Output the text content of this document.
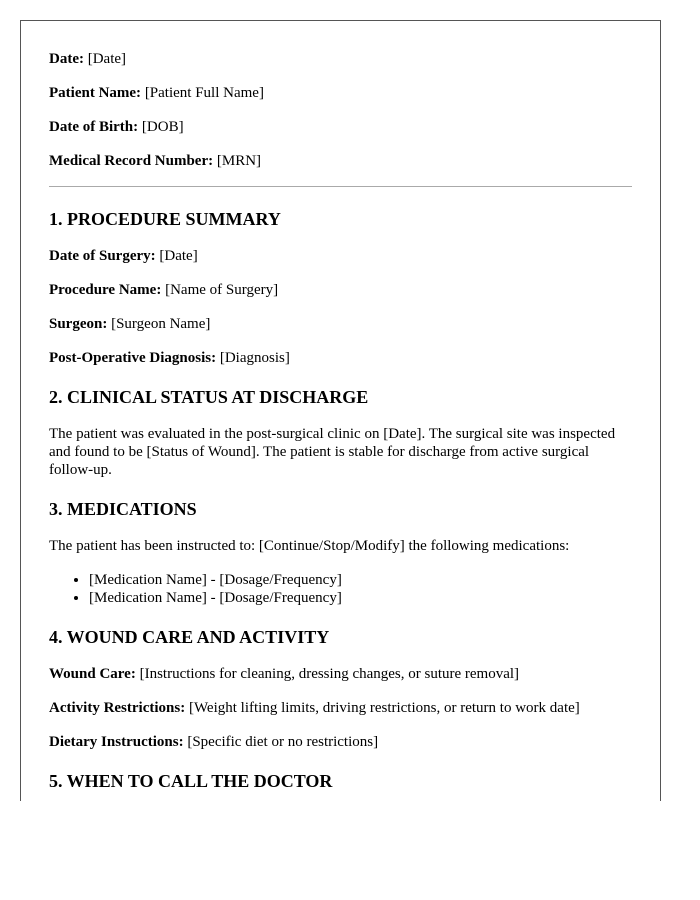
Date: [Date]
Patient Name: [Patient Full Name]
Date of Birth: [DOB]
Medical Record Number: [MRN]
1. PROCEDURE SUMMARY
Date of Surgery: [Date]
Procedure Name: [Name of Surgery]
Surgeon: [Surgeon Name]
Post-Operative Diagnosis: [Diagnosis]
2. CLINICAL STATUS AT DISCHARGE

The patient was evaluated in the post-surgical clinic on [Date]. The surgical site was inspected and found to be [Status of Wound]. The patient is stable for discharge from active surgical follow-up.

3. MEDICATIONS

The patient has been instructed to: [Continue/Stop/Modify] the following medications:

• [Medication Name] - [Dosage/Frequency]
• [Medication Name] - [Dosage/Frequency]
4. WOUND CARE AND ACTIVITY
Wound Care: [Instructions for cleaning, dressing changes, or suture removal]
Activity Restrictions: [Weight lifting limits, driving restrictions, or return to work date]
Dietary Instructions: [Specific diet or no restrictions]
5. WHEN TO CALL THE DOCTOR
